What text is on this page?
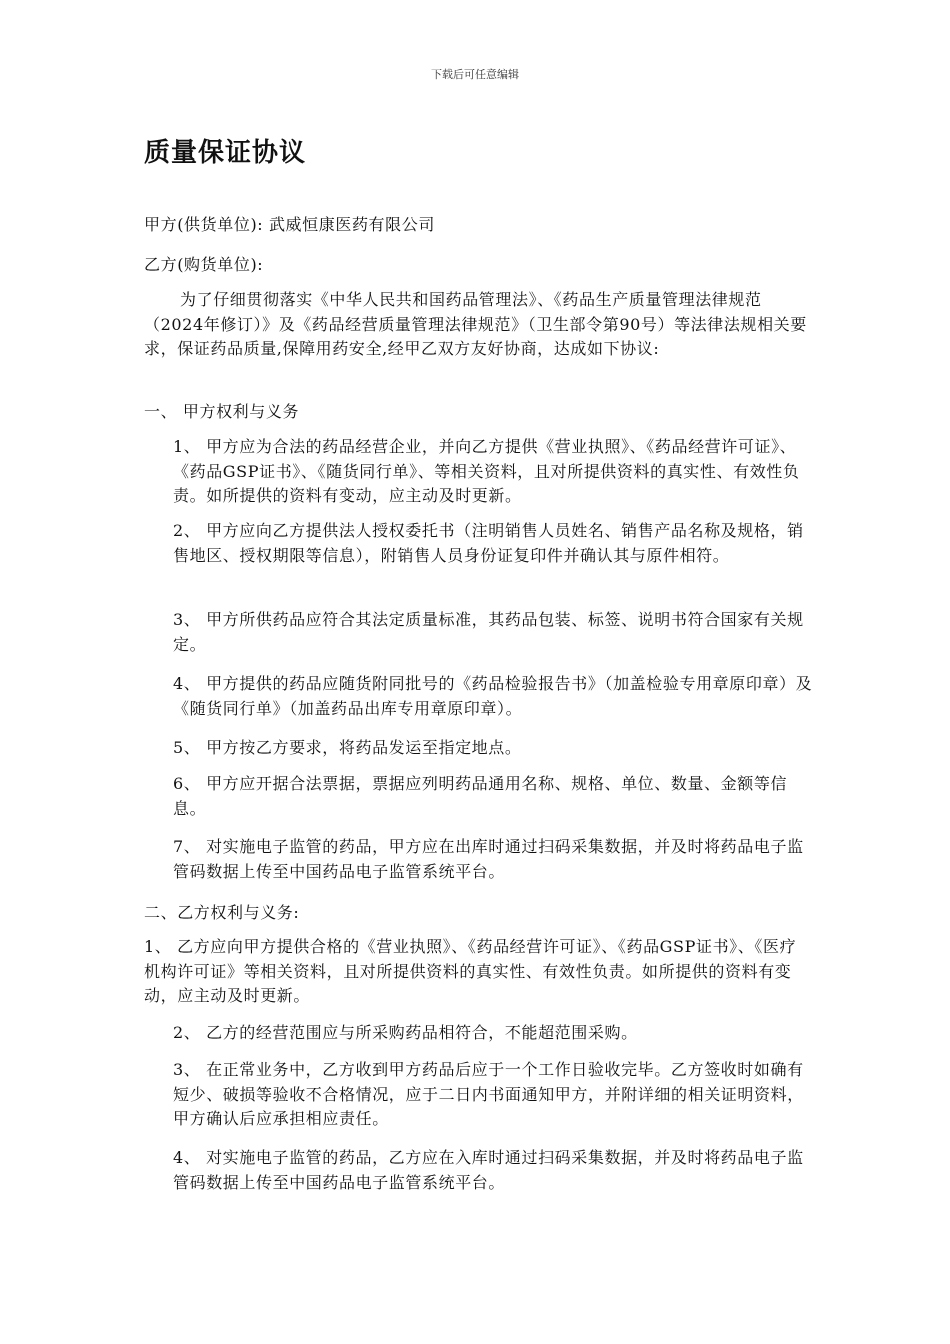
下载后可任意编辑
质量保证协议
甲方(供货单位): 武威恒康医药有限公司
乙方(购货单位):
为了仔细贯彻落实《中华人民共和国药品管理法》、《药品生产质量管理法律规范（2024年修订）》及《药品经营质量管理法律规范》（卫生部令第90号）等法律法规相关要求，保证药品质量,保障用药安全,经甲乙双方友好协商，达成如下协议:
一、 甲方权利与义务
1、 甲方应为合法的药品经营企业，并向乙方提供《营业执照》、《药品经营许可证》、《药品GSP证书》、《随货同行单》、等相关资料，且对所提供资料的真实性、有效性负责。如所提供的资料有变动，应主动及时更新。
2、 甲方应向乙方提供法人授权委托书（注明销售人员姓名、销售产品名称及规格，销售地区、授权期限等信息），附销售人员身份证复印件并确认其与原件相符。
3、 甲方所供药品应符合其法定质量标准，其药品包装、标签、说明书符合国家有关规定。
4、 甲方提供的药品应随货附同批号的《药品检验报告书》（加盖检验专用章原印章）及《随货同行单》（加盖药品出库专用章原印章）。
5、 甲方按乙方要求，将药品发运至指定地点。
6、 甲方应开据合法票据，票据应列明药品通用名称、规格、单位、数量、金额等信息。
7、 对实施电子监管的药品，甲方应在出库时通过扫码采集数据，并及时将药品电子监管码数据上传至中国药品电子监管系统平台。
二、乙方权利与义务:
1、 乙方应向甲方提供合格的《营业执照》、《药品经营许可证》、《药品GSP证书》、《医疗机构许可证》等相关资料，且对所提供资料的真实性、有效性负责。如所提供的资料有变动，应主动及时更新。
2、 乙方的经营范围应与所采购药品相符合，不能超范围采购。
3、 在正常业务中，乙方收到甲方药品后应于一个工作日验收完毕。乙方签收时如确有短少、破损等验收不合格情况，应于二日内书面通知甲方，并附详细的相关证明资料，甲方确认后应承担相应责任。
4、 对实施电子监管的药品，乙方应在入库时通过扫码采集数据，并及时将药品电子监管码数据上传至中国药品电子监管系统平台。
